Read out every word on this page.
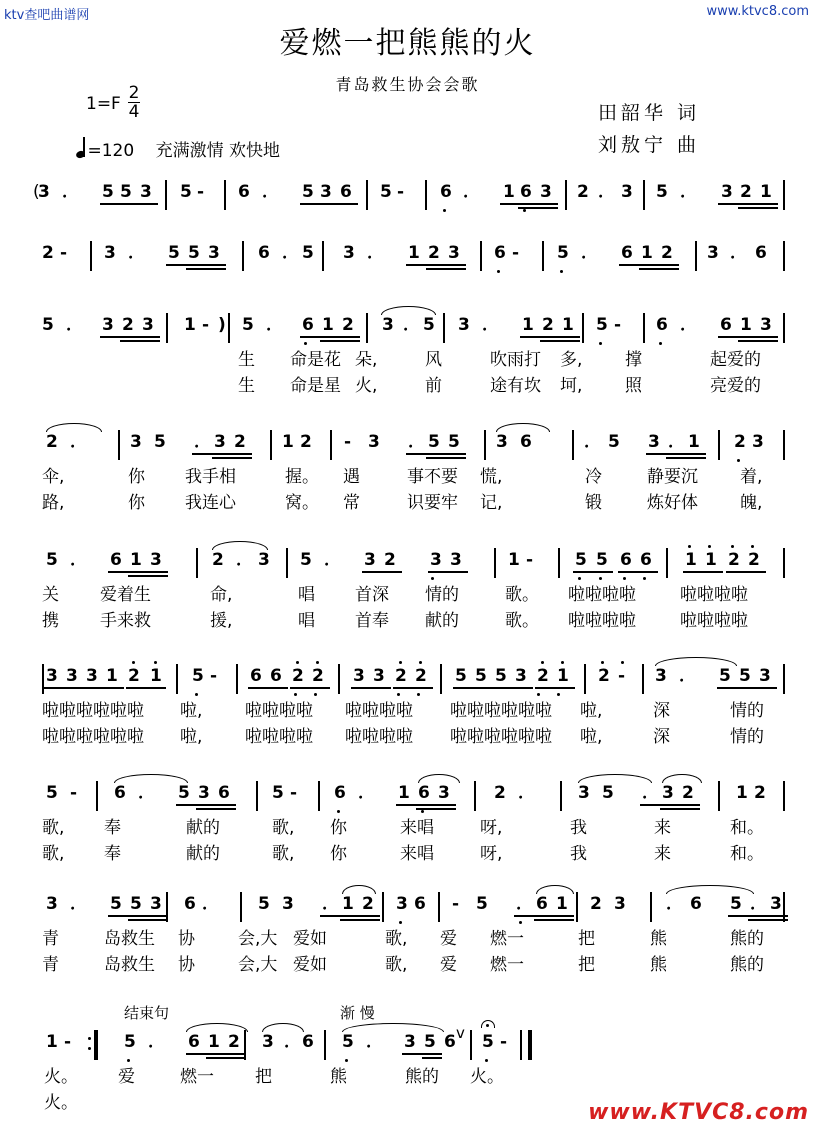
ktv查吧曲谱网	www.ktvc8.com
爱燃一把熊熊的火
青岛救生协会会歌
1=F
2
4
=120 充满激情 欢快地
田韶华 词
刘敖宁 曲
3 ． 5 5 3 5 - 6 ． 5 3 6 5 - 6 ． 1 6 3 2 ． 3 5 ． 3 2 1
(
2 - 3 ． 5 5 3 6 ． 5 3 ． 1 2 3 6 - 5 ． 6 1 2 3 ． 6
5 ． 3 2 3 1 - ) 5 ． 6 1 2 3 ． 5 3 ． 1 2 1 5 - 6 ． 6 1 3
生 命是花 朵,	风	吹雨打 多,	撑	起爱的
生 命是星 火,	前	途有坎 坷,	照	亮爱的
2 ．	3 5 ． 3 2 1 2 - 3 ． 5 5 3 6	． 5 3 ． 1 2 3
伞,	你 我手相	握。 遇	事不要 慌,	冷	静要沉 着,
路,	你 我连心	窝。 常	识要牢 记,	锻	炼好体 魄,
5 ． 6 1 3	2 ． 3 5 ． 3 2 3 3	1 - 5 5 6 6 1 1 2 2
关 爱着生	命,	唱 首深 情的	歌。 啦啦啦啦	啦啦啦啦
携 手来救	援,	唱 首奉 献的	歌。 啦啦啦啦	啦啦啦啦
3 3 3 1 2 1 5 - 6 6 2 2 3 3 2 2 5 5 5 3 2 1 2 - 3 ． 5 5 3
啦啦啦啦啦啦 啦,	啦啦啦啦 啦啦啦啦 啦啦啦啦啦啦 啦,	深	情的
啦啦啦啦啦啦 啦,	啦啦啦啦 啦啦啦啦 啦啦啦啦啦啦 啦,	深	情的
5 - 6 ． 5 3 6 5 - 6 ． 1 6 3	2 ．	3 5 ． 3 2 1 2
歌, 奉	献的	歌, 你	来唱	呀,	我	来	和。
歌, 奉	献的	歌, 你	来唱	呀,	我	来	和。
3 ． 5 5 3 6 ． 5 3 ． 1 2 3 6 - 5 ． 6 1 2 3 ． 6 5 ． 3
青	岛救生 协	会,大 爱如	歌, 爱 燃一	把	熊	熊的
青	岛救生 协	会,大 爱如	歌, 爱 燃一	把	熊	熊的
1 -	5 ． 6 1 2 3 ． 6 5 ． 3 5 6 5 -
v
火。 爱	燃一 把	熊	熊的 火。
火。
结束句	渐 慢
www.KTVC8.com
